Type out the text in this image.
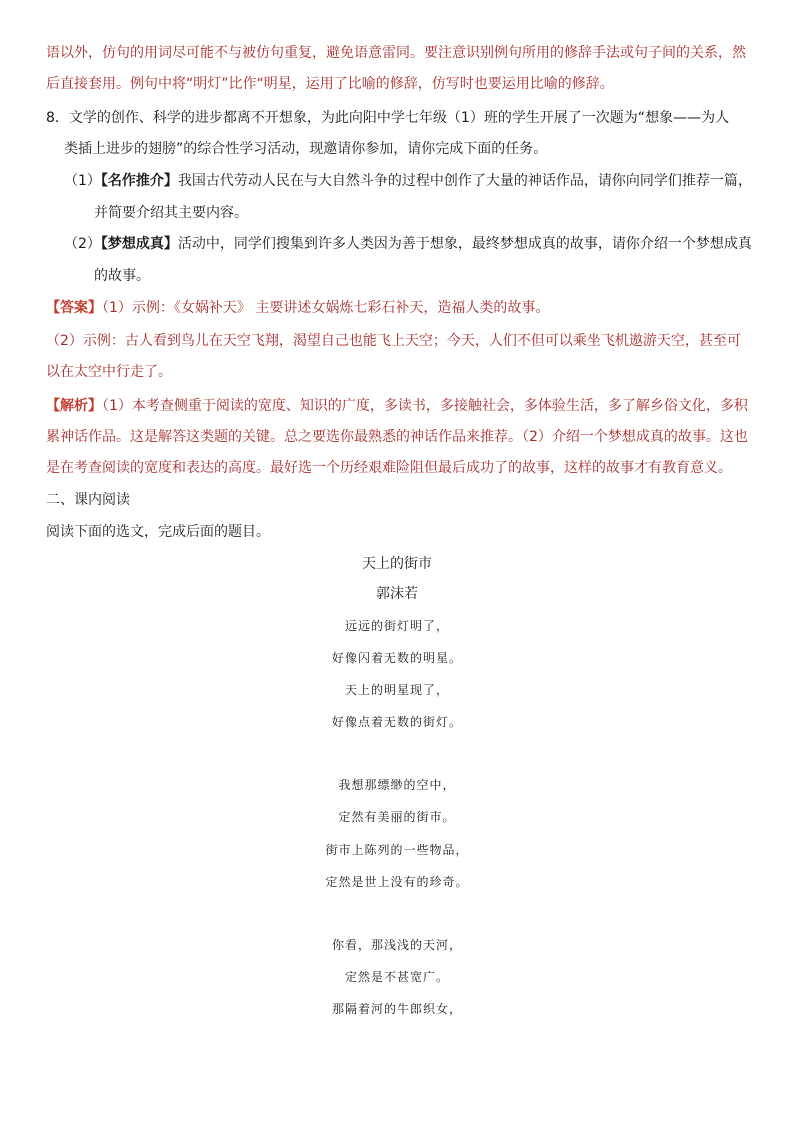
语以外，仿句的用词尽可能不与被仿句重复，避免语意雷同。要注意识别例句所用的修辞手法或句子间的关系，然
后直接套用。例句中将“明灯”比作“明星，运用了比喻的修辞，仿写时也要运用比喻的修辞。
8．文学的创作、科学的进步都离不开想象，为此向阳中学七年级（1）班的学生开展了一次题为“想象——为人
类插上进步的翅膀”的综合性学习活动，现邀请你参加，请你完成下面的任务。
（1）【名作推介】我国古代劳动人民在与大自然斗争的过程中创作了大量的神话作品，请你向同学们推荐一篇，
并简要介绍其主要内容。
（2）【梦想成真】活动中，同学们搜集到许多人类因为善于想象，最终梦想成真的故事，请你介绍一个梦想成真
的故事。
【答案】（1）示例：《女娲补天》 主要讲述女娲炼七彩石补天，造福人类的故事。
（2）示例：古人看到鸟儿在天空飞翔，渴望自己也能飞上天空；今天，人们不但可以乘坐飞机遨游天空，甚至可
以在太空中行走了。
【解析】（1）本考查侧重于阅读的宽度、知识的广度，多读书，多接触社会，多体验生活，多了解乡俗文化，多积
累神话作品。这是解答这类题的关键。总之要选你最熟悉的神话作品来推荐。（2）介绍一个梦想成真的故事。这也
是在考查阅读的宽度和表达的高度。最好选一个历经艰难险阻但最后成功了的故事，这样的故事才有教育意义。
二、课内阅读
阅读下面的选文，完成后面的题目。
天上的街市
郭沫若
远远的街灯明了，
好像闪着无数的明星。
天上的明星现了，
好像点着无数的街灯。
我想那缥缈的空中，
定然有美丽的街市。
街市上陈列的一些物品，
定然是世上没有的珍奇。
你看，那浅浅的天河，
定然是不甚宽广。
那隔着河的牛郎织女，
